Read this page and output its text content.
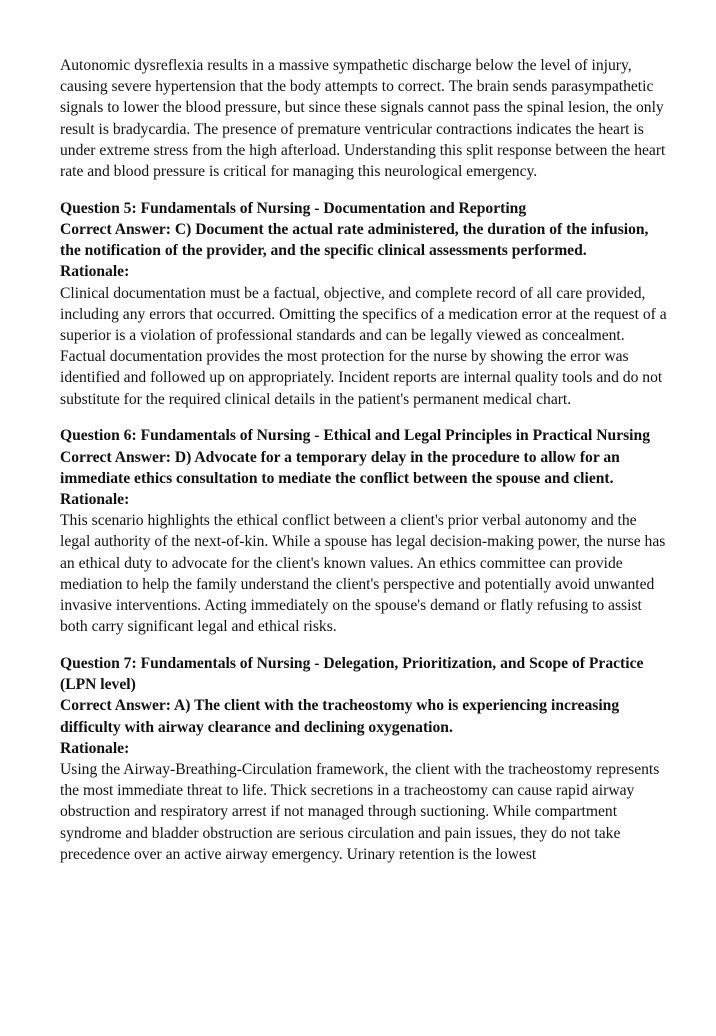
Autonomic dysreflexia results in a massive sympathetic discharge below the level of injury, causing severe hypertension that the body attempts to correct. The brain sends parasympathetic signals to lower the blood pressure, but since these signals cannot pass the spinal lesion, the only result is bradycardia. The presence of premature ventricular contractions indicates the heart is under extreme stress from the high afterload. Understanding this split response between the heart rate and blood pressure is critical for managing this neurological emergency.

Question 5: Fundamentals of Nursing - Documentation and Reporting

Correct Answer: C) Document the actual rate administered, the duration of the infusion, the notification of the provider, and the specific clinical assessments performed.

Rationale:

Clinical documentation must be a factual, objective, and complete record of all care provided, including any errors that occurred. Omitting the specifics of a medication error at the request of a superior is a violation of professional standards and can be legally viewed as concealment. Factual documentation provides the most protection for the nurse by showing the error was identified and followed up on appropriately. Incident reports are internal quality tools and do not substitute for the required clinical details in the patient's permanent medical chart.

Question 6: Fundamentals of Nursing - Ethical and Legal Principles in Practical Nursing

Correct Answer: D) Advocate for a temporary delay in the procedure to allow for an immediate ethics consultation to mediate the conflict between the spouse and client.

Rationale:

This scenario highlights the ethical conflict between a client's prior verbal autonomy and the legal authority of the next-of-kin. While a spouse has legal decision-making power, the nurse has an ethical duty to advocate for the client's known values. An ethics committee can provide mediation to help the family understand the client's perspective and potentially avoid unwanted invasive interventions. Acting immediately on the spouse's demand or flatly refusing to assist both carry significant legal and ethical risks.

Question 7: Fundamentals of Nursing - Delegation, Prioritization, and Scope of Practice (LPN level)

Correct Answer: A) The client with the tracheostomy who is experiencing increasing difficulty with airway clearance and declining oxygenation.

Rationale:

Using the Airway-Breathing-Circulation framework, the client with the tracheostomy represents the most immediate threat to life. Thick secretions in a tracheostomy can cause rapid airway obstruction and respiratory arrest if not managed through suctioning. While compartment syndrome and bladder obstruction are serious circulation and pain issues, they do not take precedence over an active airway emergency. Urinary retention is the lowest
